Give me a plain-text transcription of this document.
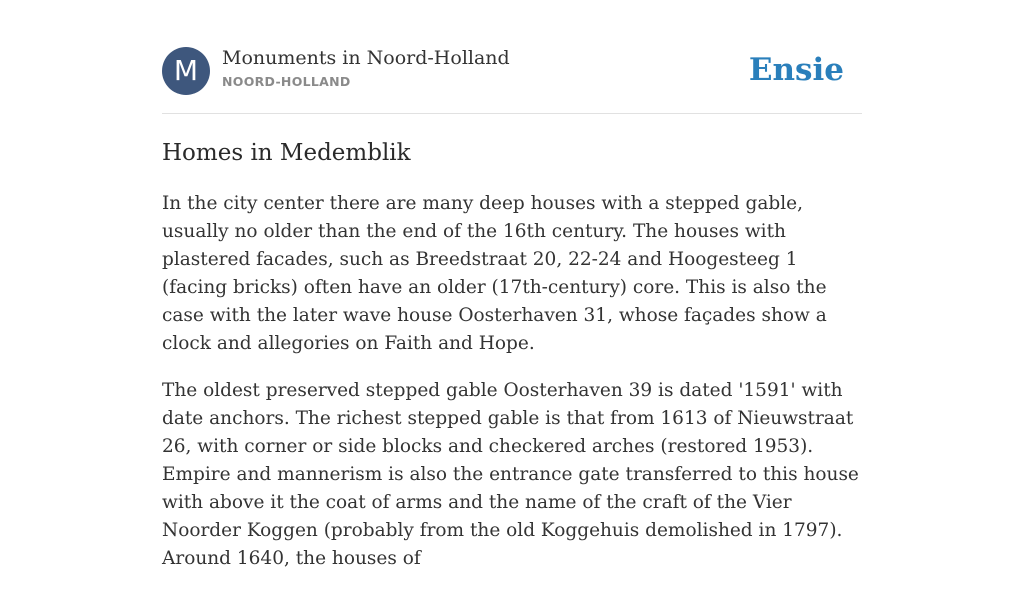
M	Monuments in Noord-Holland
NOORD-HOLLAND	Ensie
Homes in Medemblik

In the city center there are many deep houses with a stepped gable, usually no older than the end of the 16th century. The houses with plastered facades, such as Breedstraat 20, 22-24 and Hoogesteeg 1 (facing bricks) often have an older (17th-century) core. This is also the case with the later wave house Oosterhaven 31, whose façades show a clock and allegories on Faith and Hope.

The oldest preserved stepped gable Oosterhaven 39 is dated '1591' with date anchors. The richest stepped gable is that from 1613 of Nieuwstraat 26, with corner or side blocks and checkered arches (restored 1953). Empire and mannerism is also the entrance gate transferred to this house with above it the coat of arms and the name of the craft of the Vier Noorder Koggen (probably from the old Koggehuis demolished in 1797). Around 1640, the houses of
